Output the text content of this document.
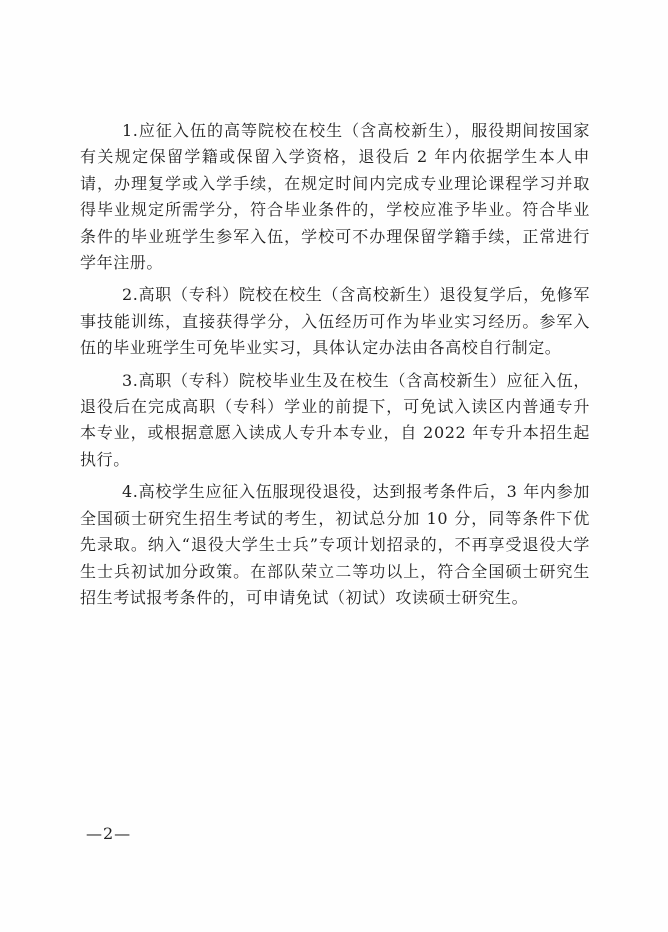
1.应征入伍的高等院校在校生（含高校新生），服役期间按国家有关规定保留学籍或保留入学资格，退役后 2 年内依据学生本人申请，办理复学或入学手续，在规定时间内完成专业理论课程学习并取得毕业规定所需学分，符合毕业条件的，学校应准予毕业。符合毕业条件的毕业班学生参军入伍，学校可不办理保留学籍手续，正常进行学年注册。

2.高职（专科）院校在校生（含高校新生）退役复学后，免修军事技能训练，直接获得学分，入伍经历可作为毕业实习经历。参军入伍的毕业班学生可免毕业实习，具体认定办法由各高校自行制定。

3.高职（专科）院校毕业生及在校生（含高校新生）应征入伍，退役后在完成高职（专科）学业的前提下，可免试入读区内普通专升本专业，或根据意愿入读成人专升本专业，自 2022 年专升本招生起执行。

4.高校学生应征入伍服现役退役，达到报考条件后，3 年内参加全国硕士研究生招生考试的考生，初试总分加 10 分，同等条件下优先录取。纳入“退役大学生士兵”专项计划招录的，不再享受退役大学生士兵初试加分政策。在部队荣立二等功以上，符合全国硕士研究生招生考试报考条件的，可申请免试（初试）攻读硕士研究生。

—2—
